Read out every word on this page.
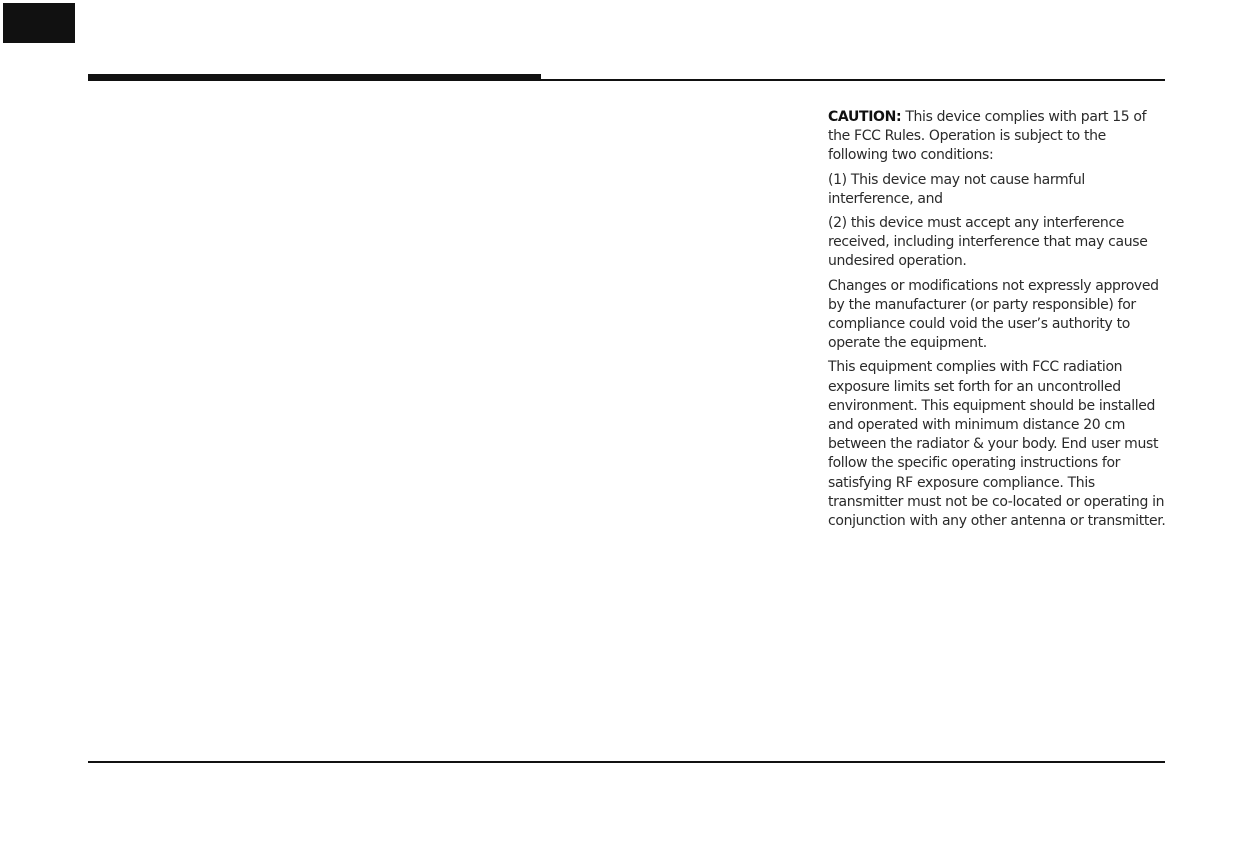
CAUTION: This device complies with part 15 of the FCC Rules. Operation is subject to the following two conditions:

(1) This device may not cause harmful interference, and

(2) this device must accept any interference received, including interference that may cause undesired operation.

Changes or modifications not expressly approved by the manufacturer (or party responsible) for compliance could void the user’s authority to operate the equipment.

This equipment complies with FCC radiation exposure limits set forth for an uncontrolled environment. This equipment should be installed and operated with minimum distance 20 cm between the radiator & your body. End user must follow the specific operating instructions for satisfying RF exposure compliance. This transmitter must not be co-located or operating in conjunction with any other antenna or transmitter.
